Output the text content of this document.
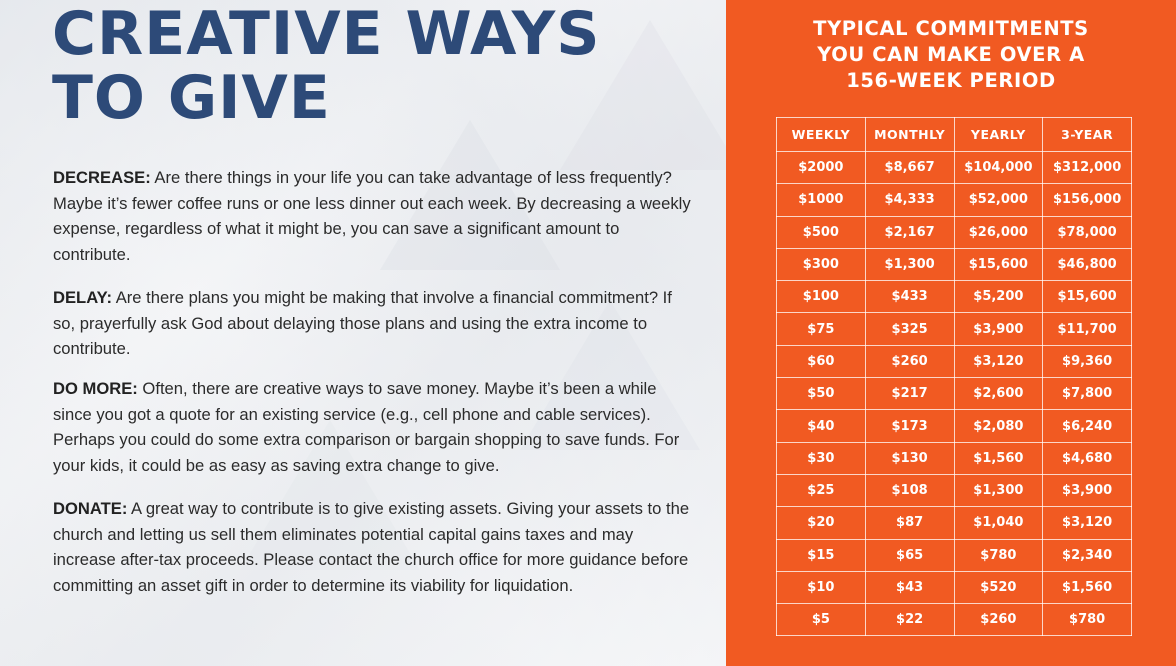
CREATIVE WAYS
TO GIVE

DECREASE: Are there things in your life you can take advantage of less frequently? Maybe it’s fewer coffee runs or one less dinner out each week. By decreasing a weekly expense, regardless of what it might be, you can save a significant amount to contribute.

DELAY: Are there plans you might be making that involve a financial commitment? If so, prayerfully ask God about delaying those plans and using the extra income to contribute.

DO MORE: Often, there are creative ways to save money. Maybe it’s been a while since you got a quote for an existing service (e.g., cell phone and cable services). Perhaps you could do some extra comparison or bargain shopping to save funds. For your kids, it could be as easy as saving extra change to give.

DONATE: A great way to contribute is to give existing assets. Giving your assets to the church and letting us sell them eliminates potential capital gains taxes and may increase after-tax proceeds. Please contact the church office for more guidance before committing an asset gift in order to determine its viability for liquidation.

TYPICAL COMMITMENTS
YOU CAN MAKE OVER A
156-WEEK PERIOD
WEEKLY	MONTHLY	YEARLY	3-YEAR
$2000	$8,667	$104,000	$312,000
$1000	$4,333	$52,000	$156,000
$500	$2,167	$26,000	$78,000
$300	$1,300	$15,600	$46,800
$100	$433	$5,200	$15,600
$75	$325	$3,900	$11,700
$60	$260	$3,120	$9,360
$50	$217	$2,600	$7,800
$40	$173	$2,080	$6,240
$30	$130	$1,560	$4,680
$25	$108	$1,300	$3,900
$20	$87	$1,040	$3,120
$15	$65	$780	$2,340
$10	$43	$520	$1,560
$5	$22	$260	$780
